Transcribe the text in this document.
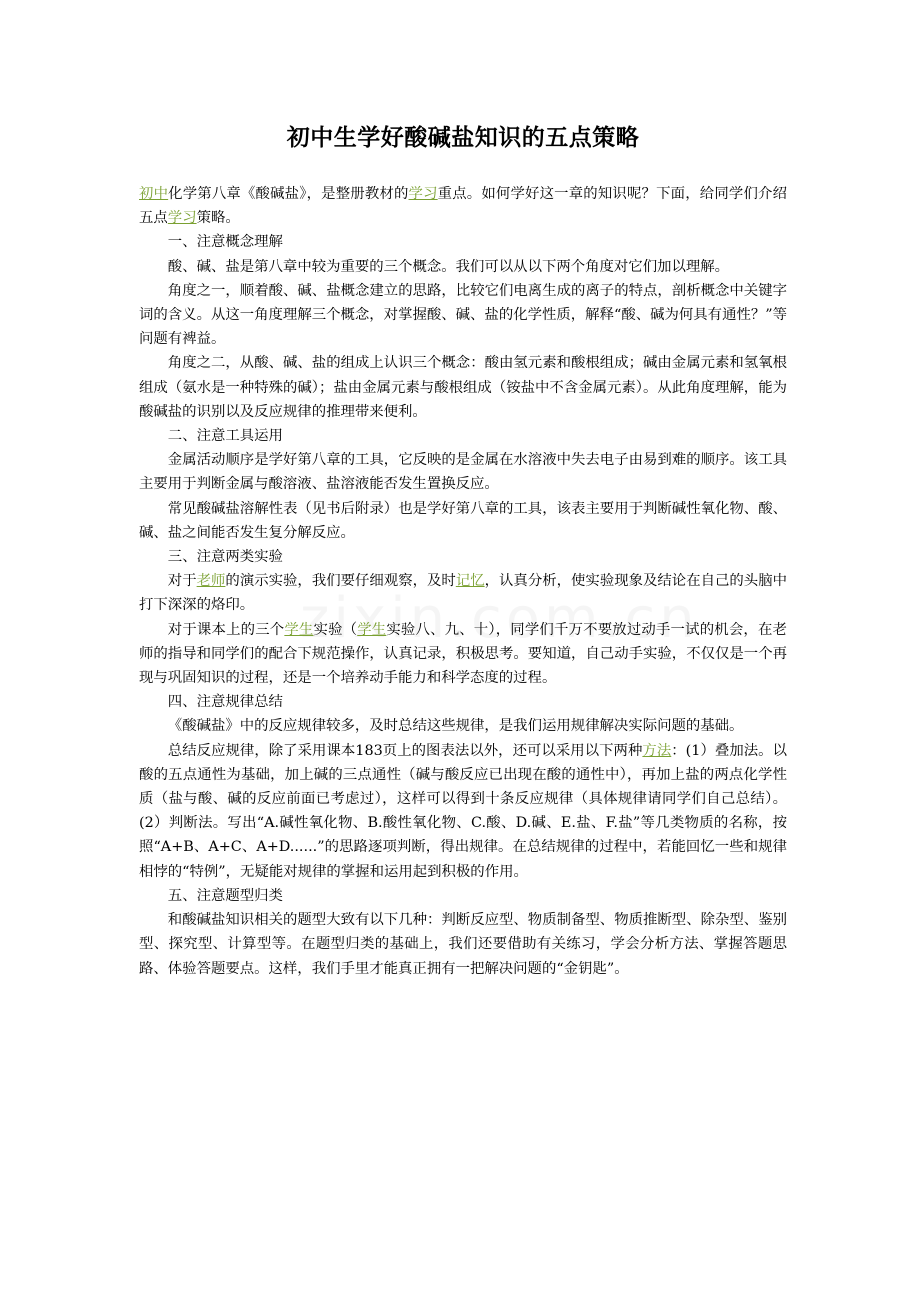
初中生学好酸碱盐知识的五点策略

初中化学第八章《酸碱盐》，是整册教材的学习重点。如何学好这一章的知识呢？下面，给同学们介绍五点学习策略。

一、注意概念理解

酸、碱、盐是第八章中较为重要的三个概念。我们可以从以下两个角度对它们加以理解。

角度之一，顺着酸、碱、盐概念建立的思路，比较它们电离生成的离子的特点，剖析概念中关键字词的含义。从这一角度理解三个概念，对掌握酸、碱、盐的化学性质，解释“酸、碱为何具有通性？”等问题有裨益。

角度之二，从酸、碱、盐的组成上认识三个概念：酸由氢元素和酸根组成；碱由金属元素和氢氧根组成（氨水是一种特殊的碱）；盐由金属元素与酸根组成（铵盐中不含金属元素）。从此角度理解，能为酸碱盐的识别以及反应规律的推理带来便利。

二、注意工具运用

金属活动顺序是学好第八章的工具，它反映的是金属在水溶液中失去电子由易到难的顺序。该工具主要用于判断金属与酸溶液、盐溶液能否发生置换反应。

常见酸碱盐溶解性表（见书后附录）也是学好第八章的工具，该表主要用于判断碱性氧化物、酸、碱、盐之间能否发生复分解反应。

三、注意两类实验

对于老师的演示实验，我们要仔细观察，及时记忆，认真分析，使实验现象及结论在自己的头脑中打下深深的烙印。

对于课本上的三个学生实验（学生实验八、九、十），同学们千万不要放过动手一试的机会，在老师的指导和同学们的配合下规范操作，认真记录，积极思考。要知道，自己动手实验，不仅仅是一个再现与巩固知识的过程，还是一个培养动手能力和科学态度的过程。

四、注意规律总结

《酸碱盐》中的反应规律较多，及时总结这些规律，是我们运用规律解决实际问题的基础。

总结反应规律，除了采用课本183页上的图表法以外，还可以采用以下两种方法：(1）叠加法。以酸的五点通性为基础，加上碱的三点通性（碱与酸反应已出现在酸的通性中），再加上盐的两点化学性质（盐与酸、碱的反应前面已考虑过），这样可以得到十条反应规律（具体规律请同学们自己总结）。(2）判断法。写出“A.碱性氧化物、B.酸性氧化物、C.酸、D.碱、E.盐、F.盐”等几类物质的名称，按照“A+B、A+C、A+D......”的思路逐项判断，得出规律。在总结规律的过程中，若能回忆一些和规律相悖的“特例”，无疑能对规律的掌握和运用起到积极的作用。

五、注意题型归类

和酸碱盐知识相关的题型大致有以下几种：判断反应型、物质制备型、物质推断型、除杂型、鉴别型、探究型、计算型等。在题型归类的基础上，我们还要借助有关练习，学会分析方法、掌握答题思路、体验答题要点。这样，我们手里才能真正拥有一把解决问题的“金钥匙”。
